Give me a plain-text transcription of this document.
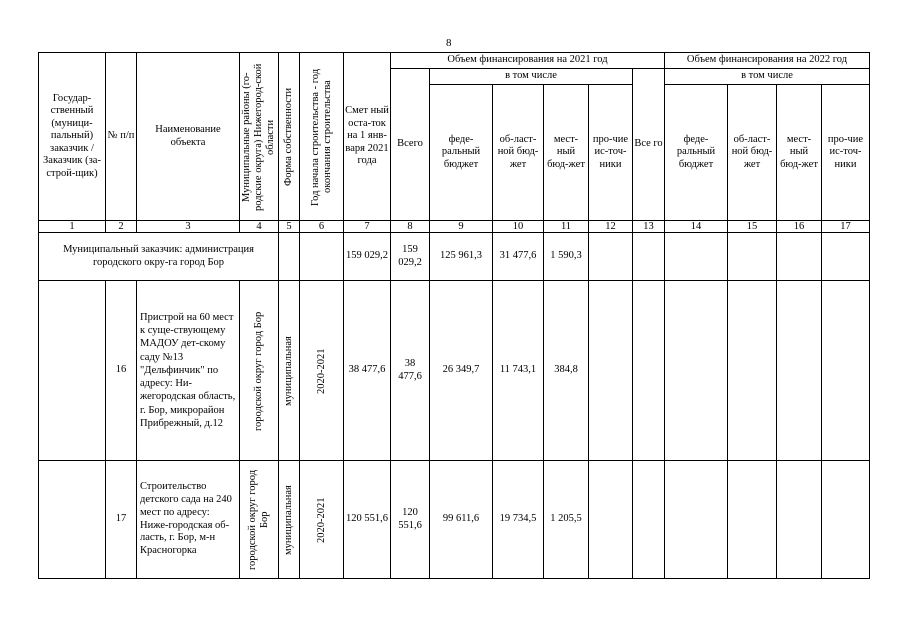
8
Государ-ственный (муници-пальный) заказчик /Заказчик (за-строй-щик)	№ п/п	Наименование объекта	Муниципальные районы (го-родские округа) Нижегород-ской области	Форма собственности	Год начала строительства - год окончания строительства	Смет ный оста-ток на 1 янв-варя 2021 года	Объем финансирования на 2021 год						Объем финансирования на 2022 год			
							Всего	в том числе				Все го	в том числе			
								феде-ральный бюджет	об-ласт-ной бюд-жет	мест-ный бюд-жет	про-чие ис-точ-ники		феде-ральный бюджет	об-ласт-ной бюд-жет	мест-ный бюд-жет	про-чие ис-точ-ники
1	2	3	4	5	6	7	8	9	10	11	12	13	14	15	16	17
Муниципальный заказчик: администрация городского окру-га город Бор						159 029,2	159 029,2	125 961,3	31 477,6	1 590,3						
	16	Пристрой на 60 мест к суще-ствующему МАДОУ дет-скому саду №13 "Дельфинчик" по адресу: Ни-жегородская область, г. Бор, микрорайон Прибрежный, д.12	городской округ город Бор	муниципальная	2020-2021	38 477,6	38 477,6	26 349,7	11 743,1	384,8						
	17	Строительство детского сада на 240 мест по адресу: Ниже-городская об-ласть, г. Бор, м-н Красногорка	городской округ город Бор	муниципальная	2020-2021	120 551,6	120 551,6	99 611,6	19 734,5	1 205,5						
